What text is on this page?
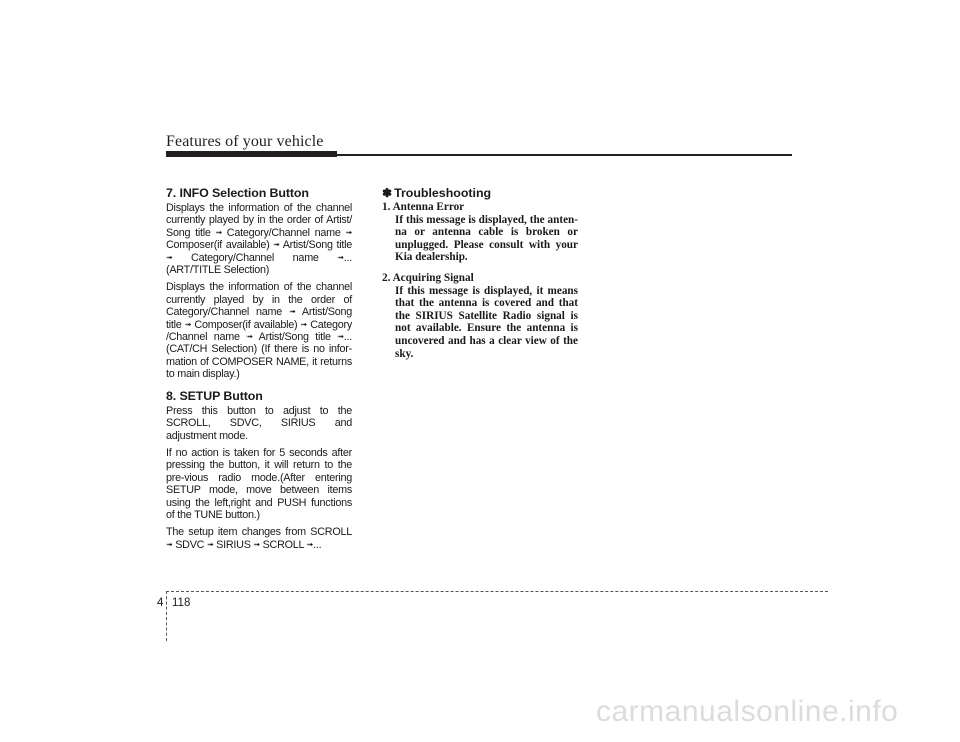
Features of your vehicle
7. INFO Selection Button

Displays the information of the channel currently played by in the order of Artist/ Song title ➟ Category/Channel name ➟ Composer(if available) ➟ Artist/Song title ➟ Category/Channel name ➟... (ART/TITLE Selection)

Displays the information of the channel currently played by in the order of Category/Channel name ➟ Artist/Song title ➟ Composer(if available) ➟ Category /Channel name ➟ Artist/Song title ➟... (CAT/CH Selection) (If there is no infor-mation of COMPOSER NAME, it returns to main display.)

8. SETUP Button

Press this button to adjust to the SCROLL, SDVC, SIRIUS and adjustment mode.

If no action is taken for 5 seconds after pressing the button, it will return to the pre-vious radio mode.(After entering SETUP mode, move between items using the left,right and PUSH functions of the TUNE button.)

The setup item changes from SCROLL ➟ SDVC ➟ SIRIUS ➟ SCROLL ➟...

✽ Troubleshooting
1. Antenna Error

If this message is displayed, the anten-na or antenna cable is broken or unplugged. Please consult with your Kia dealership.

2. Acquiring Signal

If this message is displayed, it means that the antenna is covered and that the SIRIUS Satellite Radio signal is not available. Ensure the antenna is uncovered and has a clear view of the sky.

4 118
carmanualsonline.info
